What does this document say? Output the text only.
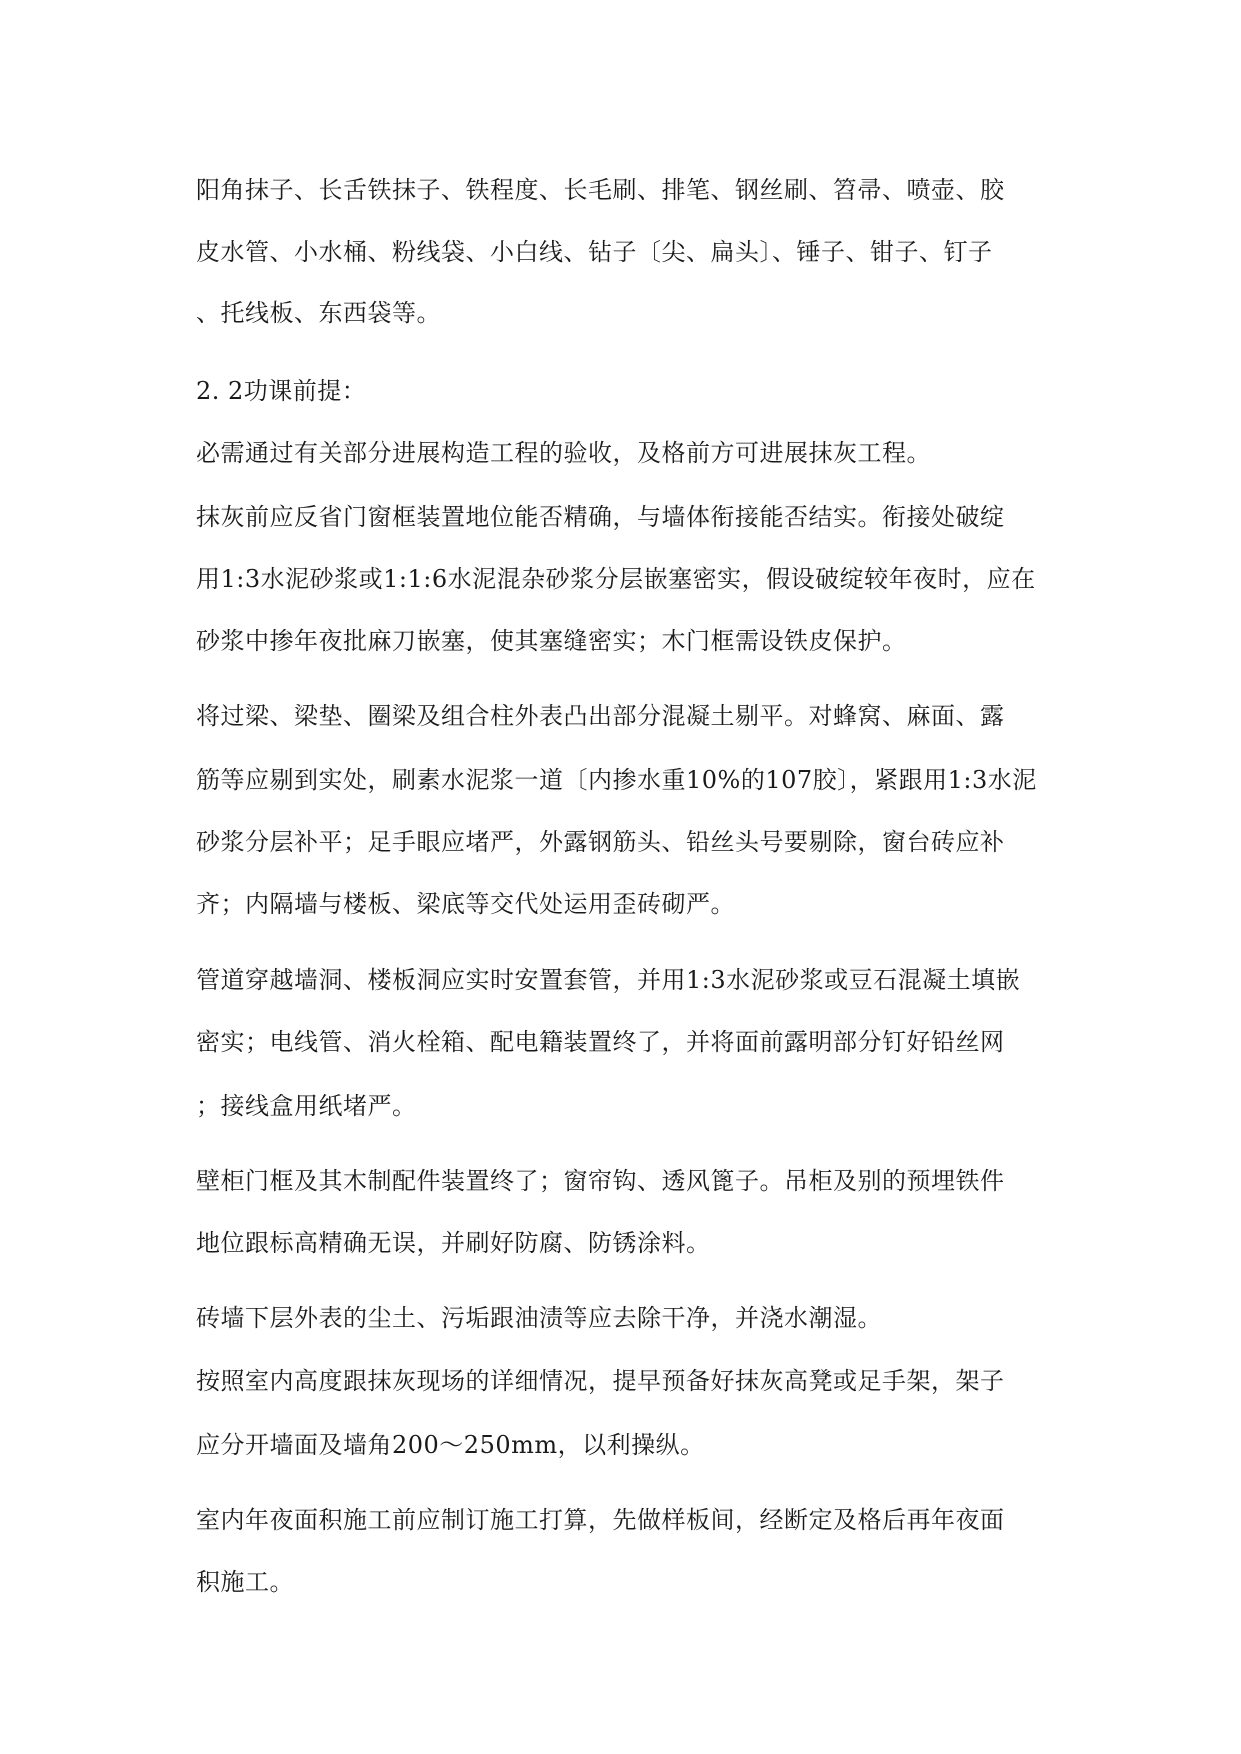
阳角抹子、长舌铁抹子、铁程度、长毛刷、排笔、钢丝刷、笤帚、喷壶、胶
皮水管、小水桶、粉线袋、小白线、钻子〔尖、扁头〕、锤子、钳子、钉子
、托线板、东西袋等。
2. 2功课前提：
必需通过有关部分进展构造工程的验收，及格前方可进展抹灰工程。
抹灰前应反省门窗框装置地位能否精确，与墙体衔接能否结实。衔接处破绽
用1:3水泥砂浆或1:1:6水泥混杂砂浆分层嵌塞密实，假设破绽较年夜时，应在
砂浆中掺年夜批麻刀嵌塞，使其塞缝密实；木门框需设铁皮保护。
将过梁、梁垫、圈梁及组合柱外表凸出部分混凝土剔平。对蜂窝、麻面、露
筋等应剔到实处，刷素水泥浆一道〔内掺水重10%的107胶〕，紧跟用1:3水泥
砂浆分层补平；足手眼应堵严，外露钢筋头、铅丝头号要剔除，窗台砖应补
齐；内隔墙与楼板、梁底等交代处运用歪砖砌严。
管道穿越墙洞、楼板洞应实时安置套管，并用1:3水泥砂浆或豆石混凝土填嵌
密实；电线管、消火栓箱、配电籍装置终了，并将面前露明部分钉好铅丝网
；接线盒用纸堵严。
壁柜门框及其木制配件装置终了；窗帘钩、透风篦子。吊柜及别的预埋铁件
地位跟标高精确无误，并刷好防腐、防锈涂料。
砖墙下层外表的尘土、污垢跟油渍等应去除干净，并浇水潮湿。
按照室内高度跟抹灰现场的详细情况，提早预备好抹灰高凳或足手架，架子
应分开墙面及墙角200～250mm，以利操纵。
室内年夜面积施工前应制订施工打算，先做样板间，经断定及格后再年夜面
积施工。
